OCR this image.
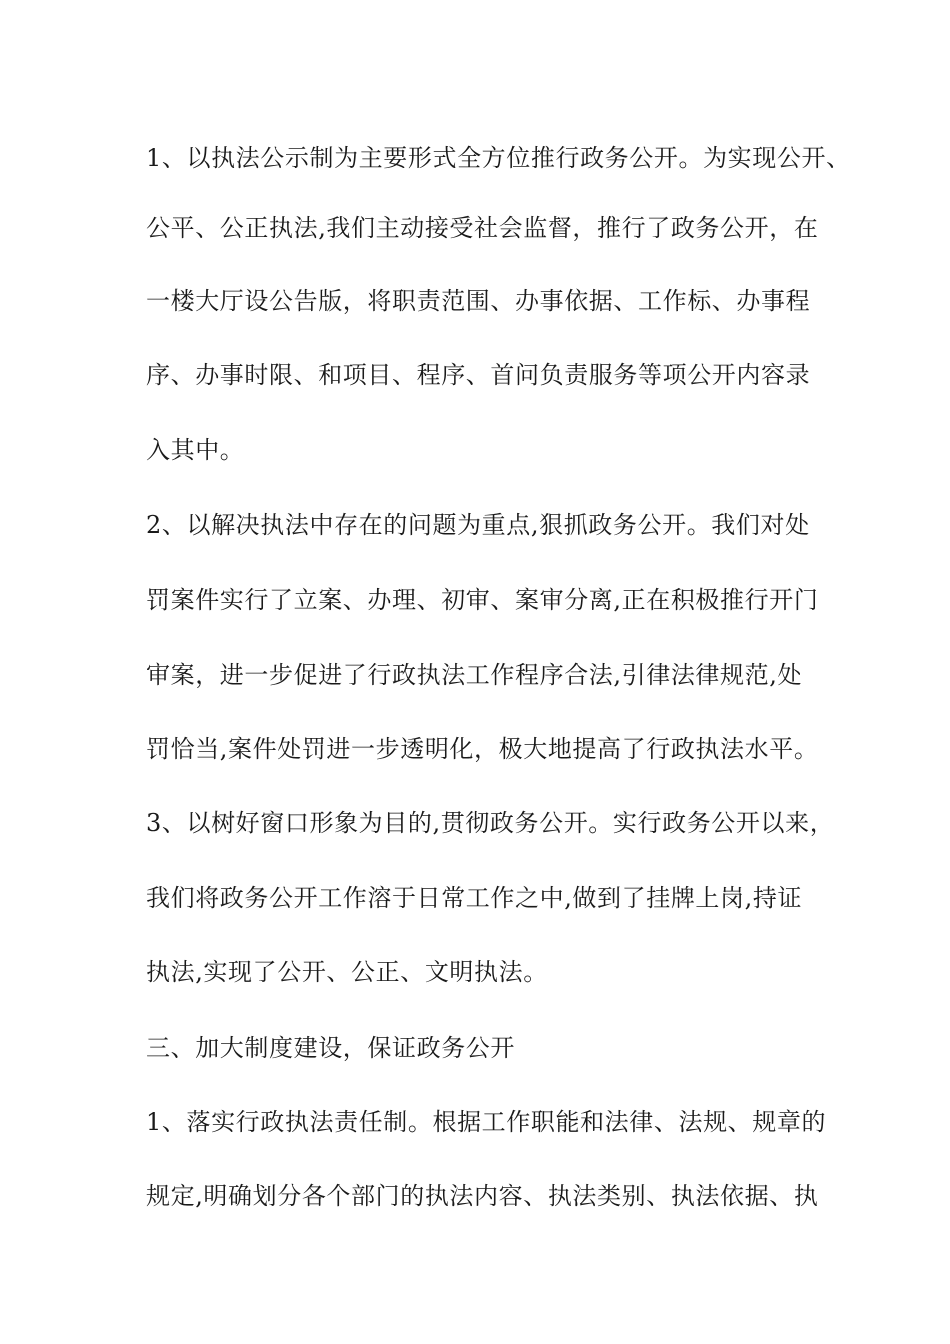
1、以执法公示制为主要形式全方位推行政务公开。为实现公开、
公平、公正执法,我们主动接受社会监督，推行了政务公开，在
一楼大厅设公告版，将职责范围、办事依据、工作标、办事程
序、办事时限、和项目、程序、首问负责服务等项公开内容录
入其中。
2、以解决执法中存在的问题为重点,狠抓政务公开。我们对处
罚案件实行了立案、办理、初审、案审分离,正在积极推行开门
审案，进一步促进了行政执法工作程序合法,引律法律规范,处
罚恰当,案件处罚进一步透明化，极大地提高了行政执法水平。
3、以树好窗口形象为目的,贯彻政务公开。实行政务公开以来，
我们将政务公开工作溶于日常工作之中,做到了挂牌上岗,持证
执法,实现了公开、公正、文明执法。
三、加大制度建设，保证政务公开
1、落实行政执法责任制。根据工作职能和法律、法规、规章的
规定,明确划分各个部门的执法内容、执法类别、执法依据、执
